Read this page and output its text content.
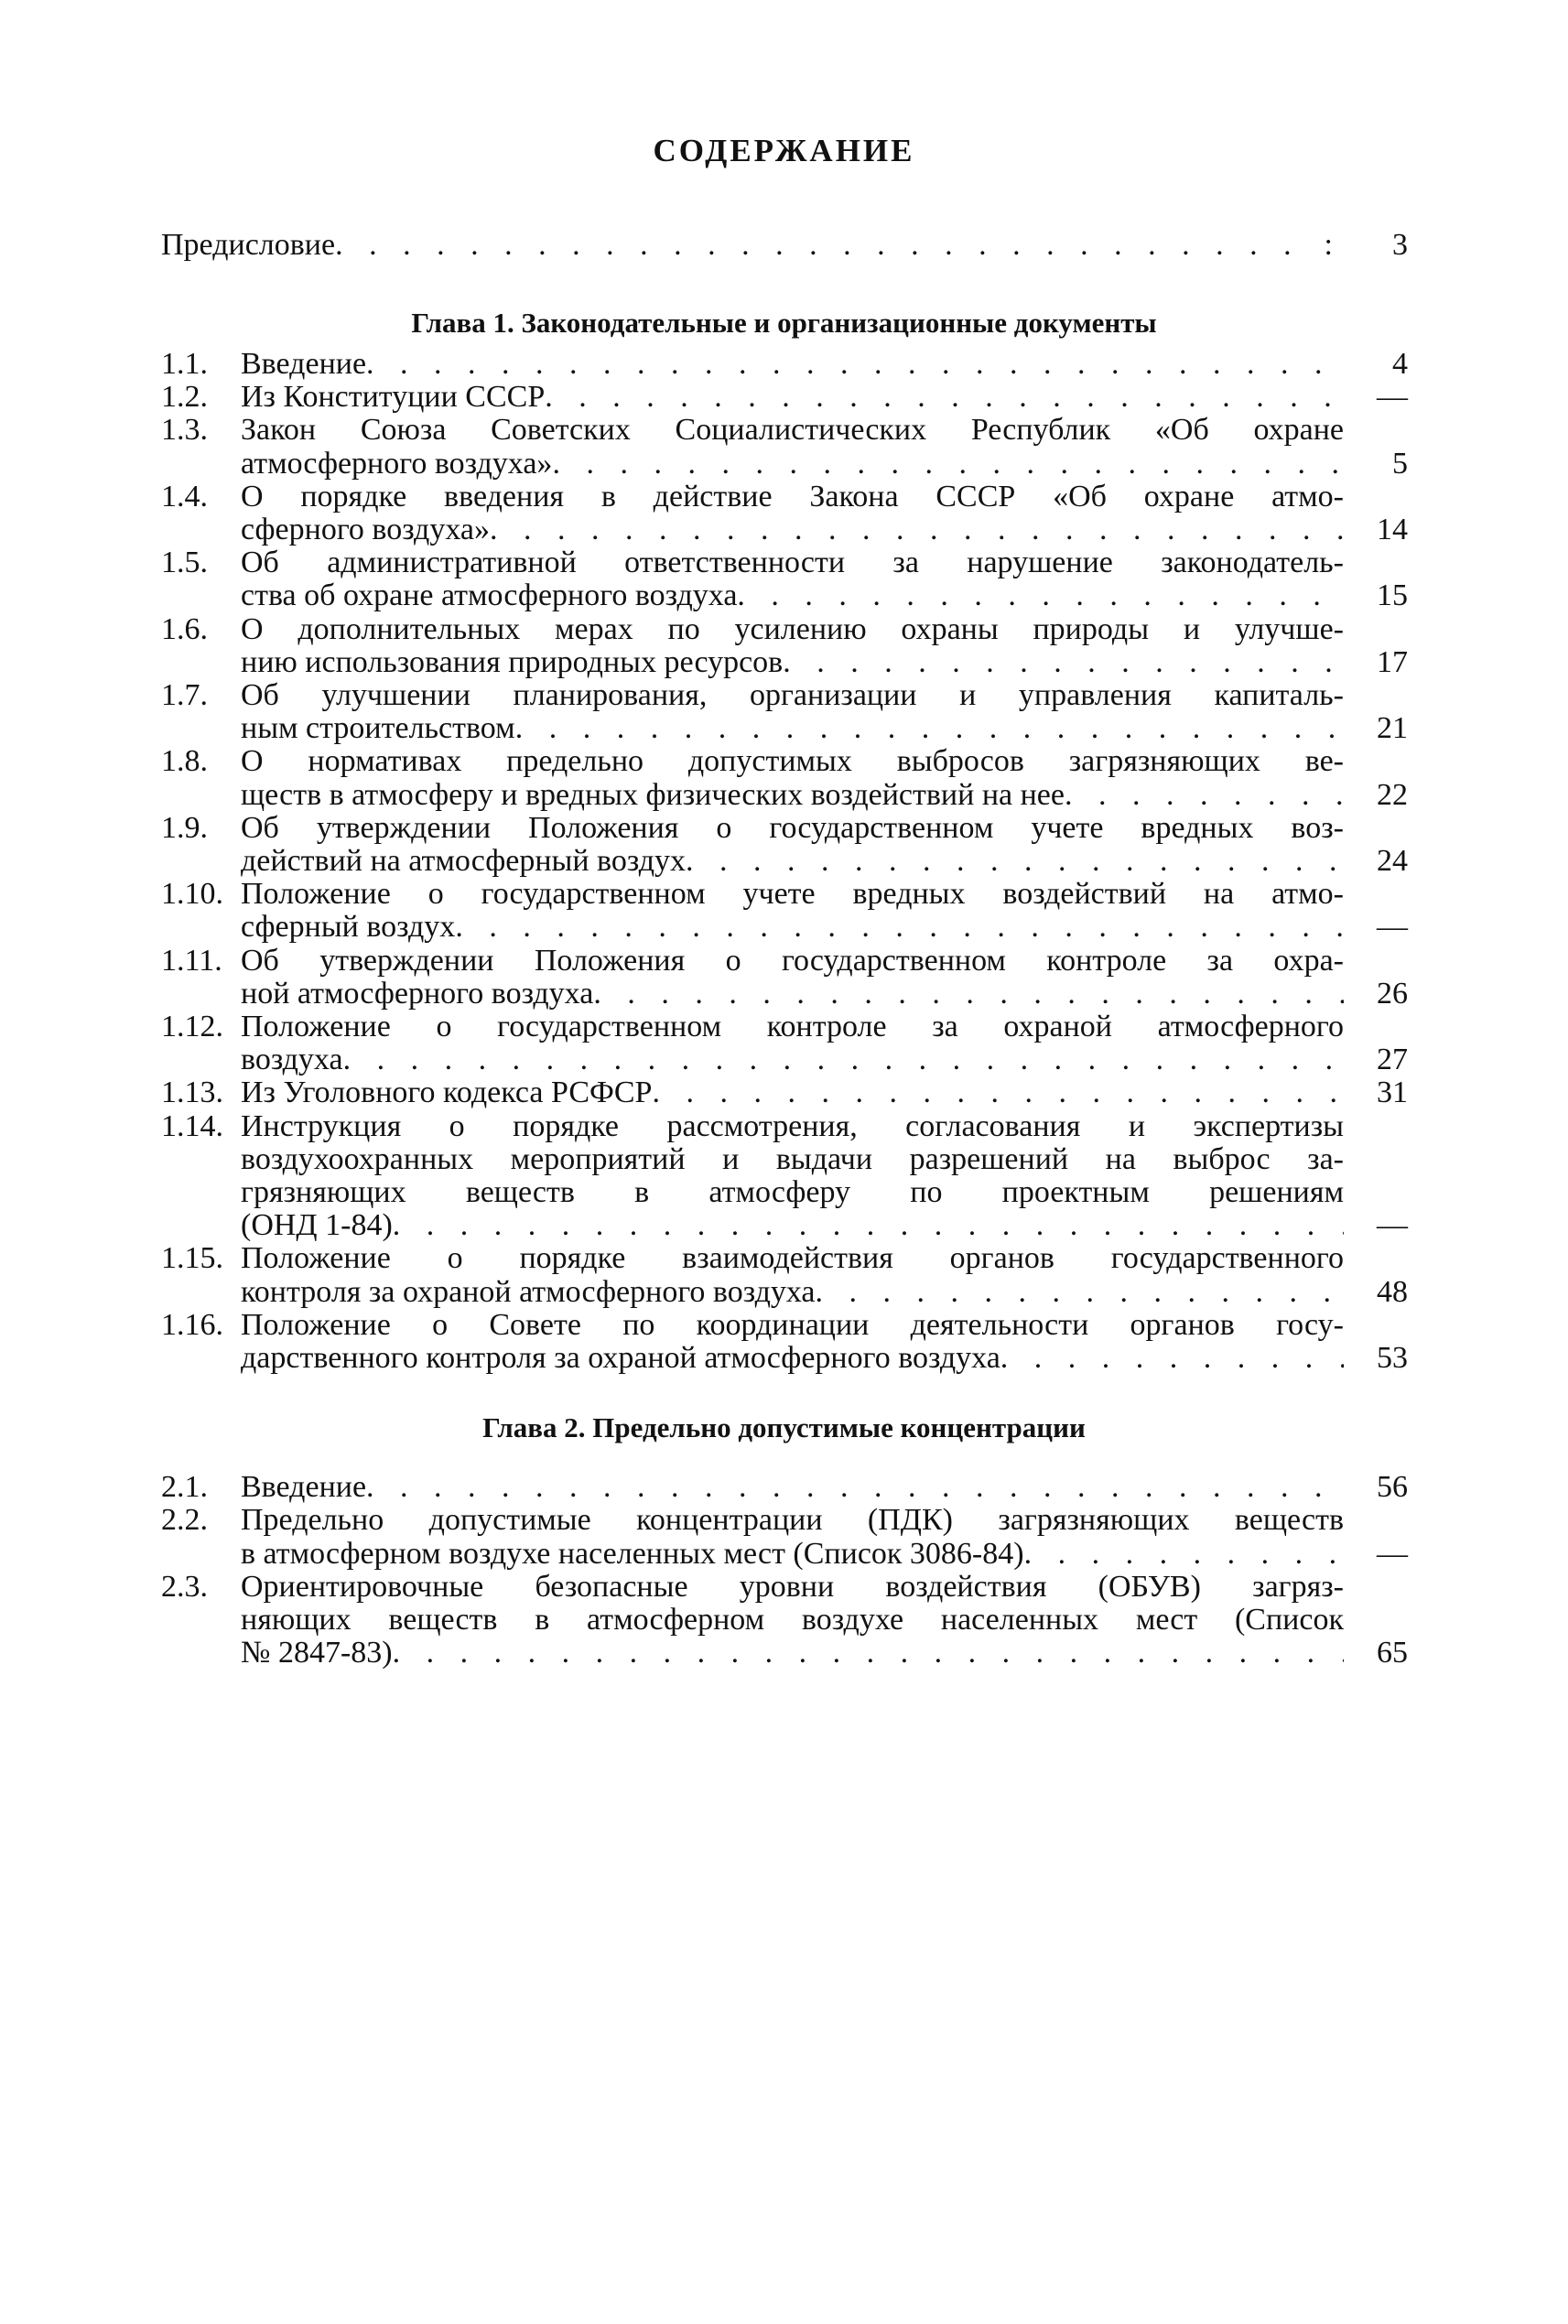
СОДЕРЖАНИЕ
Предисловие . . .	:	3
Глава 1. Законодательные и организационные документы
1.1.	Введение . . .	4
1.2.	Из Конституции СССР . . .	—
1.3.	Закон Союза Советских Социалистических Республик «Об охране
атмосферного воздуха» . . .	5
1.4.	О порядке введения в действие Закона СССР «Об охране атмо-
сферного воздуха» . . .	14
1.5.	Об административной ответственности за нарушение законодатель-
ства об охране атмосферного воздуха . . .	15
1.6.	О дополнительных мерах по усилению охраны природы и улучше-
нию использования природных ресурсов . . .	17
1.7.	Об улучшении планирования, организации и управления капиталь-
ным строительством . . .	21
1.8.	О нормативах предельно допустимых выбросов загрязняющих ве-
ществ в атмосферу и вредных физических воздействий на нее . . .	22
1.9.	Об утверждении Положения о государственном учете вредных воз-
действий на атмосферный воздух . . .	24
1.10. Положение о государственном учете вредных воздействий на атмо-
сферный воздух . . .	—
1.11. Об утверждении Положения о государственном контроле за охра-
ной атмосферного воздуха . . .	26
1.12. Положение о государственном контроле за охраной атмосферного
воздуха . . .	27
1.13. Из Уголовного кодекса РСФСР . . .	31
1.14. Инструкция о порядке рассмотрения, согласования и экспертизы
воздухоохранных мероприятий и выдачи разрешений на выброс за-
грязняющих веществ в атмосферу по проектным решениям
(ОНД 1-84) . . .	—
1.15. Положение о порядке взаимодействия органов государственного
контроля за охраной атмосферного воздуха . . .	48
1.16. Положение о Совете по координации деятельности органов госу-
дарственного контроля за охраной атмосферного воздуха . . .	53
Глава 2. Предельно допустимые концентрации
2.1.	Введение . . .	56
2.2.	Предельно допустимые концентрации (ПДК) загрязняющих веществ
в атмосферном воздухе населенных мест (Список 3086-84) . . .	—
2.3.	Ориентировочные безопасные уровни воздействия (ОБУВ) загряз-
няющих веществ в атмосферном воздухе населенных мест (Список
№ 2847-83) . . .	65
